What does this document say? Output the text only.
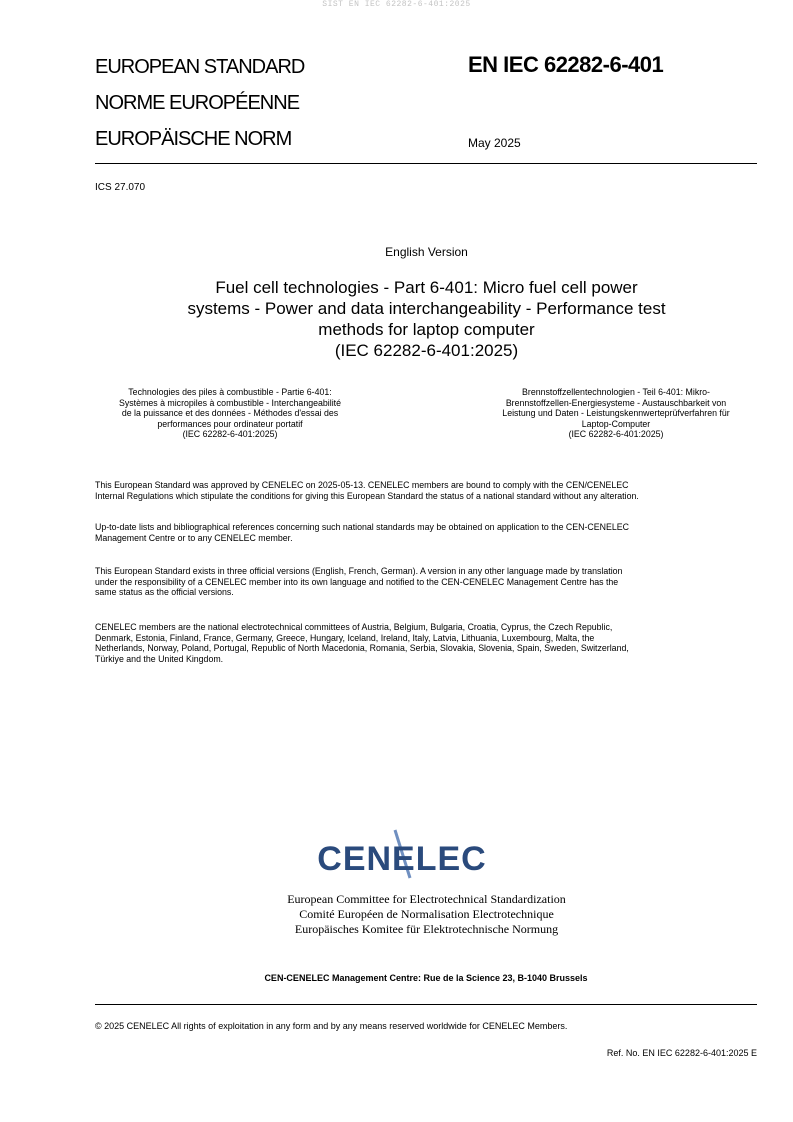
SIST EN IEC 62282-6-401:2025
EUROPEAN STANDARD
NORME EUROPÉENNE
EUROPÄISCHE NORM
EN IEC 62282-6-401
May 2025
ICS 27.070
English Version
Fuel cell technologies - Part 6-401: Micro fuel cell power
systems - Power and data interchangeability - Performance test
methods for laptop computer
(IEC 62282-6-401:2025)
Technologies des piles à combustible - Partie 6-401:
Systèmes à micropiles à combustible - Interchangeabilité
de la puissance et des données - Méthodes d'essai des
performances pour ordinateur portatif
(IEC 62282-6-401:2025)
Brennstoffzellentechnologien - Teil 6-401: Mikro-
Brennstoffzellen-Energiesysteme - Austauschbarkeit von
Leistung und Daten - Leistungskennwerteprüfverfahren für
Laptop-Computer
(IEC 62282-6-401:2025)
This European Standard was approved by CENELEC on 2025-05-13. CENELEC members are bound to comply with the CEN/CENELEC
Internal Regulations which stipulate the conditions for giving this European Standard the status of a national standard without any alteration.
Up-to-date lists and bibliographical references concerning such national standards may be obtained on application to the CEN-CENELEC
Management Centre or to any CENELEC member.
This European Standard exists in three official versions (English, French, German). A version in any other language made by translation
under the responsibility of a CENELEC member into its own language and notified to the CEN-CENELEC Management Centre has the
same status as the official versions.
CENELEC members are the national electrotechnical committees of Austria, Belgium, Bulgaria, Croatia, Cyprus, the Czech Republic,
Denmark, Estonia, Finland, France, Germany, Greece, Hungary, Iceland, Ireland, Italy, Latvia, Lithuania, Luxembourg, Malta, the
Netherlands, Norway, Poland, Portugal, Republic of North Macedonia, Romania, Serbia, Slovakia, Slovenia, Spain, Sweden, Switzerland,
Türkiye and the United Kingdom.
CENELEC
European Committee for Electrotechnical Standardization
Comité Européen de Normalisation Electrotechnique
Europäisches Komitee für Elektrotechnische Normung
CEN-CENELEC Management Centre: Rue de la Science 23, B-1040 Brussels
© 2025 CENELEC All rights of exploitation in any form and by any means reserved worldwide for CENELEC Members.
Ref. No. EN IEC 62282-6-401:2025 E
